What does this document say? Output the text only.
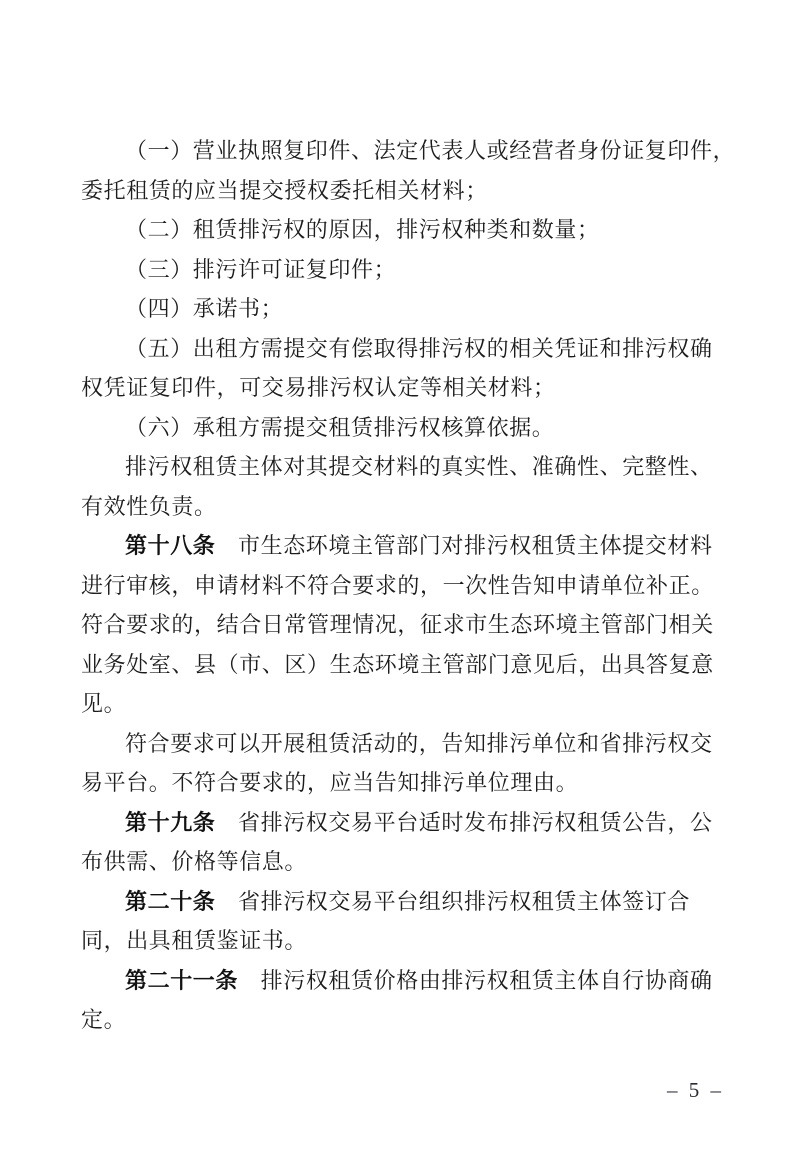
（一）营业执照复印件、法定代表人或经营者身份证复印件，
委托租赁的应当提交授权委托相关材料；
（二）租赁排污权的原因，排污权种类和数量；
（三）排污许可证复印件；
（四）承诺书；
（五）出租方需提交有偿取得排污权的相关凭证和排污权确
权凭证复印件，可交易排污权认定等相关材料；
（六）承租方需提交租赁排污权核算依据。
排污权租赁主体对其提交材料的真实性、准确性、完整性、
有效性负责。
第十八条　市生态环境主管部门对排污权租赁主体提交材料
进行审核，申请材料不符合要求的，一次性告知申请单位补正。
符合要求的，结合日常管理情况，征求市生态环境主管部门相关
业务处室、县（市、区）生态环境主管部门意见后，出具答复意
见。
符合要求可以开展租赁活动的，告知排污单位和省排污权交
易平台。不符合要求的，应当告知排污单位理由。
第十九条　省排污权交易平台适时发布排污权租赁公告，公
布供需、价格等信息。
第二十条　省排污权交易平台组织排污权租赁主体签订合
同，出具租赁鉴证书。
第二十一条　排污权租赁价格由排污权租赁主体自行协商确
定。
– 5 –
